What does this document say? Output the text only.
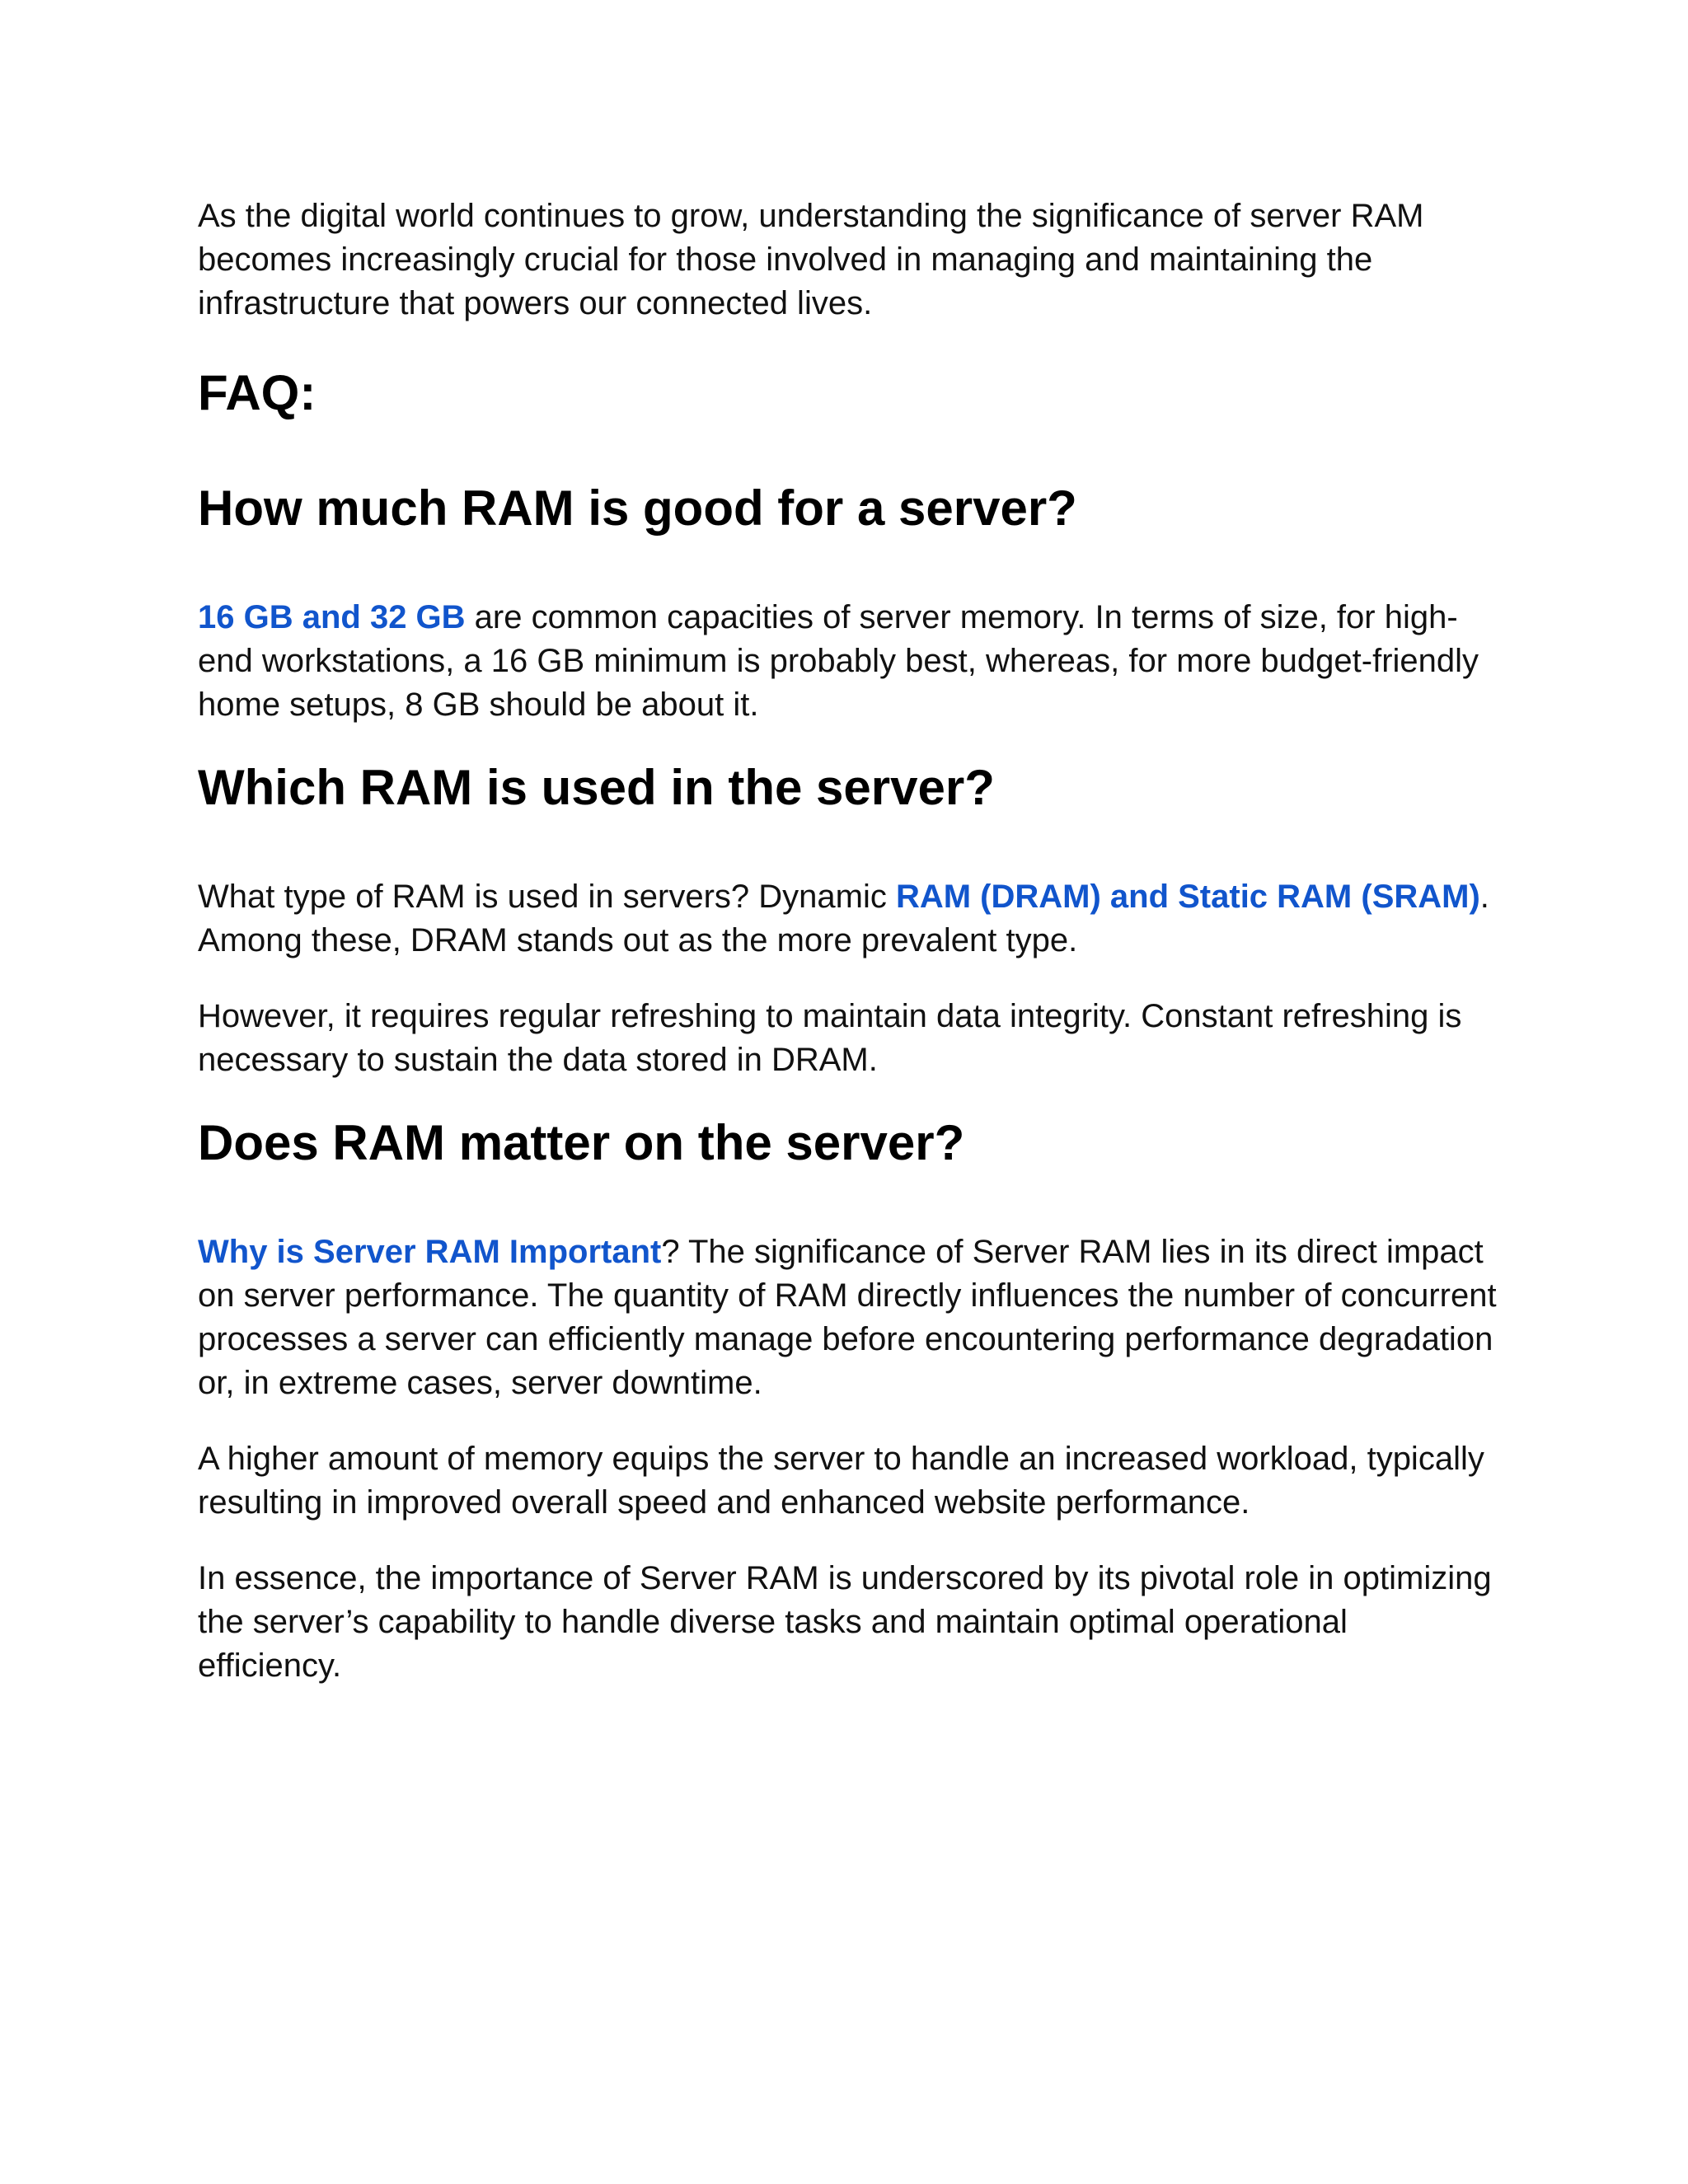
As the digital world continues to grow, understanding the significance of server RAM becomes increasingly crucial for those involved in managing and maintaining the infrastructure that powers our connected lives.

FAQ:
How much RAM is good for a server?

16 GB and 32 GB are common capacities of server memory. In terms of size, for high-end workstations, a 16 GB minimum is probably best, whereas, for more budget-friendly home setups, 8 GB should be about it.

Which RAM is used in the server?

What type of RAM is used in servers? Dynamic RAM (DRAM) and Static RAM (SRAM). Among these, DRAM stands out as the more prevalent type.

However, it requires regular refreshing to maintain data integrity. Constant refreshing is necessary to sustain the data stored in DRAM.

Does RAM matter on the server?

Why is Server RAM Important? The significance of Server RAM lies in its direct impact on server performance. The quantity of RAM directly influences the number of concurrent processes a server can efficiently manage before encountering performance degradation or, in extreme cases, server downtime.

A higher amount of memory equips the server to handle an increased workload, typically resulting in improved overall speed and enhanced website performance.

In essence, the importance of Server RAM is underscored by its pivotal role in optimizing the server’s capability to handle diverse tasks and maintain optimal operational efficiency.
